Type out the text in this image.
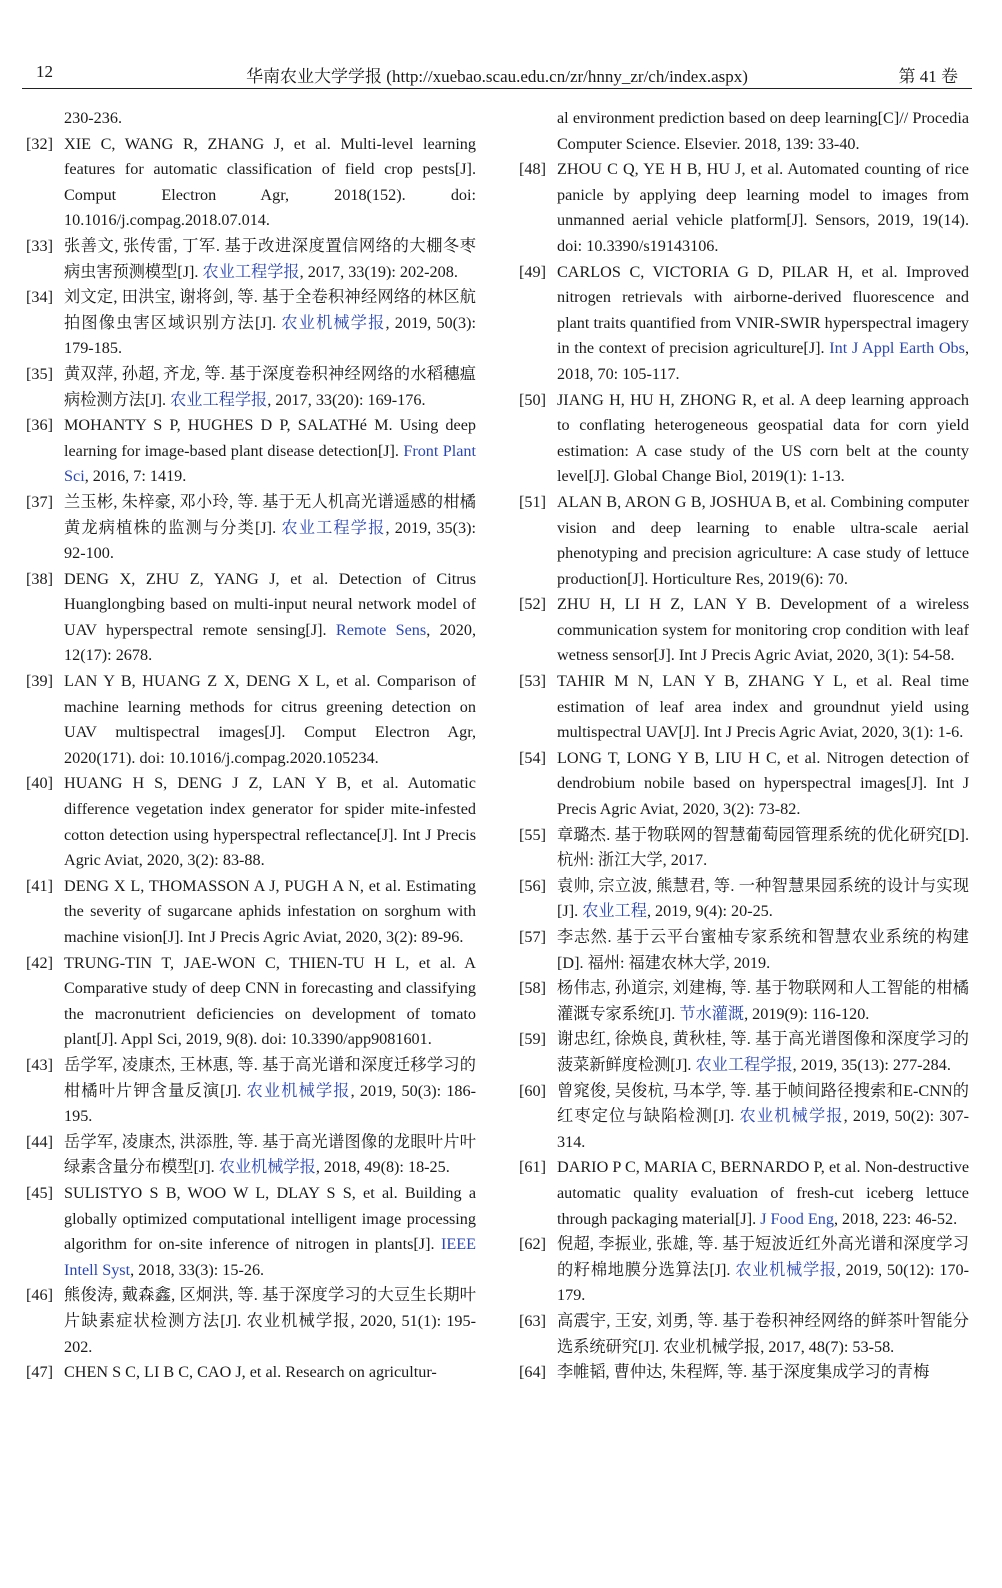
12	华南农业大学学报 (http://xuebao.scau.edu.cn/zr/hnny_zr/ch/index.aspx)	第 41 卷

230-236.

[32] XIE C, WANG R, ZHANG J, et al. Multi-level learning features for automatic classification of field crop pests[J]. Comput Electron Agr, 2018(152). doi: 10.1016/j.compag.2018.07.014.

[33] 张善文, 张传雷, 丁军. 基于改进深度置信网络的大棚冬枣病虫害预测模型[J]. 农业工程学报, 2017, 33(19): 202-208.

[34] 刘文定, 田洪宝, 谢将剑, 等. 基于全卷积神经网络的林区航拍图像虫害区域识别方法[J]. 农业机械学报, 2019, 50(3): 179-185.

[35] 黄双萍, 孙超, 齐龙, 等. 基于深度卷积神经网络的水稻穗瘟病检测方法[J]. 农业工程学报, 2017, 33(20): 169-176.

[36] MOHANTY S P, HUGHES D P, SALATHé M. Using deep learning for image-based plant disease detection[J]. Front Plant Sci, 2016, 7: 1419.

[37] 兰玉彬, 朱梓豪, 邓小玲, 等. 基于无人机高光谱遥感的柑橘黄龙病植株的监测与分类[J]. 农业工程学报, 2019, 35(3): 92-100.

[38] DENG X, ZHU Z, YANG J, et al. Detection of Citrus Huanglongbing based on multi-input neural network model of UAV hyperspectral remote sensing[J]. Remote Sens, 2020, 12(17): 2678.

[39] LAN Y B, HUANG Z X, DENG X L, et al. Comparison of machine learning methods for citrus greening detection on UAV multispectral images[J]. Comput Electron Agr, 2020(171). doi: 10.1016/j.compag.2020.105234.

[40] HUANG H S, DENG J Z, LAN Y B, et al. Automatic difference vegetation index generator for spider mite-infested cotton detection using hyperspectral reflectance[J]. Int J Precis Agric Aviat, 2020, 3(2): 83-88.

[41] DENG X L, THOMASSON A J, PUGH A N, et al. Estimating the severity of sugarcane aphids infestation on sorghum with machine vision[J]. Int J Precis Agric Aviat, 2020, 3(2): 89-96.

[42] TRUNG-TIN T, JAE-WON C, THIEN-TU H L, et al. A Comparative study of deep CNN in forecasting and classifying the macronutrient deficiencies on development of tomato plant[J]. Appl Sci, 2019, 9(8). doi: 10.3390/app9081601.

[43] 岳学军, 凌康杰, 王林惠, 等. 基于高光谱和深度迁移学习的柑橘叶片钾含量反演[J]. 农业机械学报, 2019, 50(3): 186-195.

[44] 岳学军, 凌康杰, 洪添胜, 等. 基于高光谱图像的龙眼叶片叶绿素含量分布模型[J]. 农业机械学报, 2018, 49(8): 18-25.

[45] SULISTYO S B, WOO W L, DLAY S S, et al. Building a globally optimized computational intelligent image processing algorithm for on-site inference of nitrogen in plants[J]. IEEE Intell Syst, 2018, 33(3): 15-26.

[46] 熊俊涛, 戴森鑫, 区炯洪, 等. 基于深度学习的大豆生长期叶片缺素症状检测方法[J]. 农业机械学报, 2020, 51(1): 195-202.

[47] CHEN S C, LI B C, CAO J, et al. Research on agricultur-

al environment prediction based on deep learning[C]// Procedia Computer Science. Elsevier. 2018, 139: 33-40.

[48] ZHOU C Q, YE H B, HU J, et al. Automated counting of rice panicle by applying deep learning model to images from unmanned aerial vehicle platform[J]. Sensors, 2019, 19(14). doi: 10.3390/s19143106.

[49] CARLOS C, VICTORIA G D, PILAR H, et al. Improved nitrogen retrievals with airborne-derived fluorescence and plant traits quantified from VNIR-SWIR hyperspectral imagery in the context of precision agriculture[J]. Int J Appl Earth Obs, 2018, 70: 105-117.

[50] JIANG H, HU H, ZHONG R, et al. A deep learning approach to conflating heterogeneous geospatial data for corn yield estimation: A case study of the US corn belt at the county level[J]. Global Change Biol, 2019(1): 1-13.

[51] ALAN B, ARON G B, JOSHUA B, et al. Combining computer vision and deep learning to enable ultra-scale aerial phenotyping and precision agriculture: A case study of lettuce production[J]. Horticulture Res, 2019(6): 70.

[52] ZHU H, LI H Z, LAN Y B. Development of a wireless communication system for monitoring crop condition with leaf wetness sensor[J]. Int J Precis Agric Aviat, 2020, 3(1): 54-58.

[53] TAHIR M N, LAN Y B, ZHANG Y L, et al. Real time estimation of leaf area index and groundnut yield using multispectral UAV[J]. Int J Precis Agric Aviat, 2020, 3(1): 1-6.

[54] LONG T, LONG Y B, LIU H C, et al. Nitrogen detection of dendrobium nobile based on hyperspectral images[J]. Int J Precis Agric Aviat, 2020, 3(2): 73-82.

[55] 章璐杰. 基于物联网的智慧葡萄园管理系统的优化研究[D]. 杭州: 浙江大学, 2017.

[56] 袁帅, 宗立波, 熊慧君, 等. 一种智慧果园系统的设计与实现[J]. 农业工程, 2019, 9(4): 20-25.

[57] 李志然. 基于云平台蜜柚专家系统和智慧农业系统的构建[D]. 福州: 福建农林大学, 2019.

[58] 杨伟志, 孙道宗, 刘建梅, 等. 基于物联网和人工智能的柑橘灌溉专家系统[J]. 节水灌溉, 2019(9): 116-120.

[59] 谢忠红, 徐焕良, 黄秋桂, 等. 基于高光谱图像和深度学习的菠菜新鲜度检测[J]. 农业工程学报, 2019, 35(13): 277-284.

[60] 曾窕俊, 吴俊杭, 马本学, 等. 基于帧间路径搜索和E-CNN的红枣定位与缺陷检测[J]. 农业机械学报, 2019, 50(2): 307-314.

[61] DARIO P C, MARIA C, BERNARDO P, et al. Non-destructive automatic quality evaluation of fresh-cut iceberg lettuce through packaging material[J]. J Food Eng, 2018, 223: 46-52.

[62] 倪超, 李振业, 张雄, 等. 基于短波近红外高光谱和深度学习的籽棉地膜分选算法[J]. 农业机械学报, 2019, 50(12): 170-179.

[63] 高震宇, 王安, 刘勇, 等. 基于卷积神经网络的鲜茶叶智能分选系统研究[J]. 农业机械学报, 2017, 48(7): 53-58.

[64] 李帷韬, 曹仲达, 朱程辉, 等. 基于深度集成学习的青梅
